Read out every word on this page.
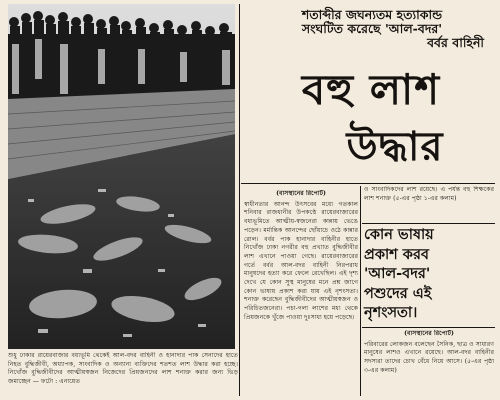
শুধু ঢাকার রায়েরবাজার বধ্যভূমি থেকেই আল-বদর বাহিনী ও হানাদার পাক সেনাদের হাতে নিহত বুদ্ধিজীবী, অধ্যাপক, সাংবাদিক ও অন্যান্য ব্যক্তিদের শতশত লাশ উদ্ধার করা হচ্ছে। নিখোঁজ বুদ্ধিজীবীদের আত্মীয়স্বজন নিজেদের প্রিয়জনদের লাশ শনাক্ত করার জন্য ভিড় জমাচ্ছেন — ফটো : এনায়েত
শতাব্দীর জঘন্যতম হত্যাকান্ড
সংঘটিত করেছে 'আল-বদর'
বর্বর বাহিনী
বহু লাশ
উদ্ধার
(বাসস্থানের রিপোর্ট)
স্বাধীনতার আনন্দ উৎসবের মধ্যে গতকাল শনিবার রাজধানীর উপকণ্ঠে রায়েরবাজারের বধ্যভূমিতে আত্মীয়-স্বজনেরা কান্নায় ভেঙে পড়েন। মর্মান্তিক আনন্দের ছোঁয়াচে ওঠে কান্নার রোল। বর্বর পাক হানাদার বাহিনীর হাতে নিখোঁজ ঢাকা নগরীর বহু প্রখ্যাত বুদ্ধিজীবীর লাশ এখানে পাওয়া গেছে। রায়েরবাজারের গর্তে বর্বর আল-বদর বাহিনী নিরপরাধ মানুষদের হত্যা করে ফেলে রেখেছিল। এই দৃশ্য দেখে যে কোন সুস্থ মানুষের মনে প্রশ্ন জাগে কোন ভাষায় প্রকাশ করা যায় এই নৃশংসতা। শনাক্ত করেছেন বুদ্ধিজীবীদের আত্মীয়স্বজন ও পরিচিতজনেরা। পচা-গলা লাশের মধ্য থেকে প্রিয়জনকে খুঁজে পাওয়া দুঃসাধ্য হয়ে পড়েছে।
ও সাংবাদিকদের লাশ রয়েছে। এ পর্যন্ত বহু শিক্ষকের লাশ শনাক্ত (৫-এর পৃষ্ঠা ১-এর কলাম)
কোন ভাষায়
প্রকাশ করব
'আল-বদর'
পশুদের এই
নৃশংসতা।
(বাসস্থানের রিপোর্ট)
পরিবারের লোকজন বলেছেন সৈনিক, ছাত্র ও সাধারণ মানুষের লাশও এখানে রয়েছে। আল-বদর বাহিনীর সদস্যরা তাদের চোখ বেঁধে নিয়ে আসে। (৫-এর পৃষ্ঠা ৩-এর কলাম)
